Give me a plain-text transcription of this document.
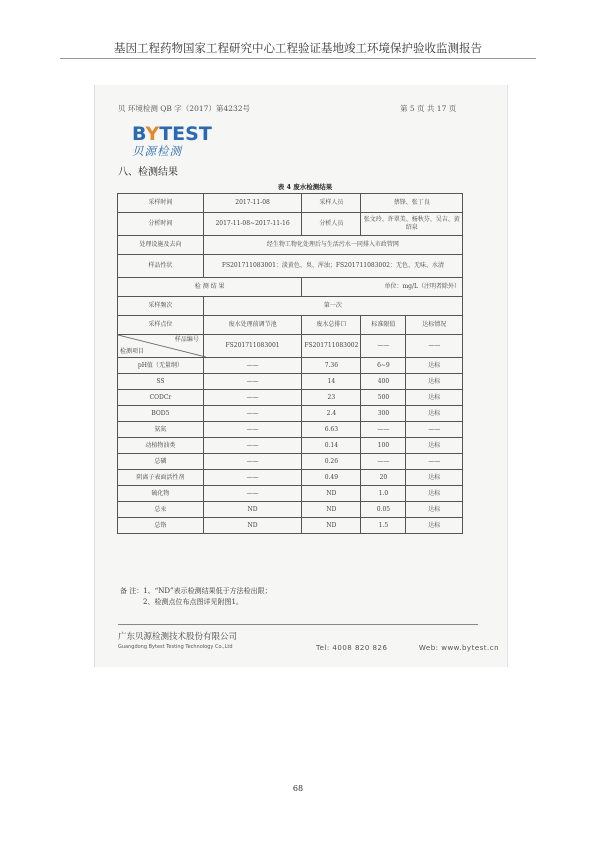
基因工程药物国家工程研究中心工程验证基地竣工环境保护验收监测报告
贝 环境检测 QB 字（2017）第4232号	第 5 页 共 17 页
BYTEST
贝源检测
八、检测结果
表 4 废水检测结果
采样时间	2017-11-08	采样人员	蔡锋、张丁良	
分析时间	2017-11-08~2017-11-16	分析人员	张文玲、许翠美、杨秋芬、吴吉、黄绍泉	
处理设施及去向	经生物工物化处理后与生活污水一同排入市政管网			
样品性状	FS201711083001：淡黄色、臭、浑浊；FS201711083002：无色、无味、水清			
检 测 结 果		单位：mg/L（注明者除外）		
采样频次	第一次			
采样点位	废水处理前调节池	废水总排口	标准限值	达标情况

样品编号
检测项目	FS201711083001	FS201711083002	——	——
pH值（无量纲）	——	7.36	6~9	达标
SS	——	14	400	达标
CODCr	——	23	500	达标
BOD5	——	2.4	300	达标
氨氮	——	6.63	——	——
动植物油类	——	0.14	100	达标
总磷	——	0.26	——	——
阴离子表面活性剂	——	0.49	20	达标
硫化物	——	ND	1.0	达标
总汞	ND	ND	0.05	达标
总铬	ND	ND	1.5	达标
备 注：1、“ND”表示检测结果低于方法检出限；
2、检测点位布点图详见附图1。
广东贝源检测技术股份有限公司
Guangdong Bytest Testing Technology Co.,Ltd	Tel: 4008 820 826	Web: www.bytest.cn
68
